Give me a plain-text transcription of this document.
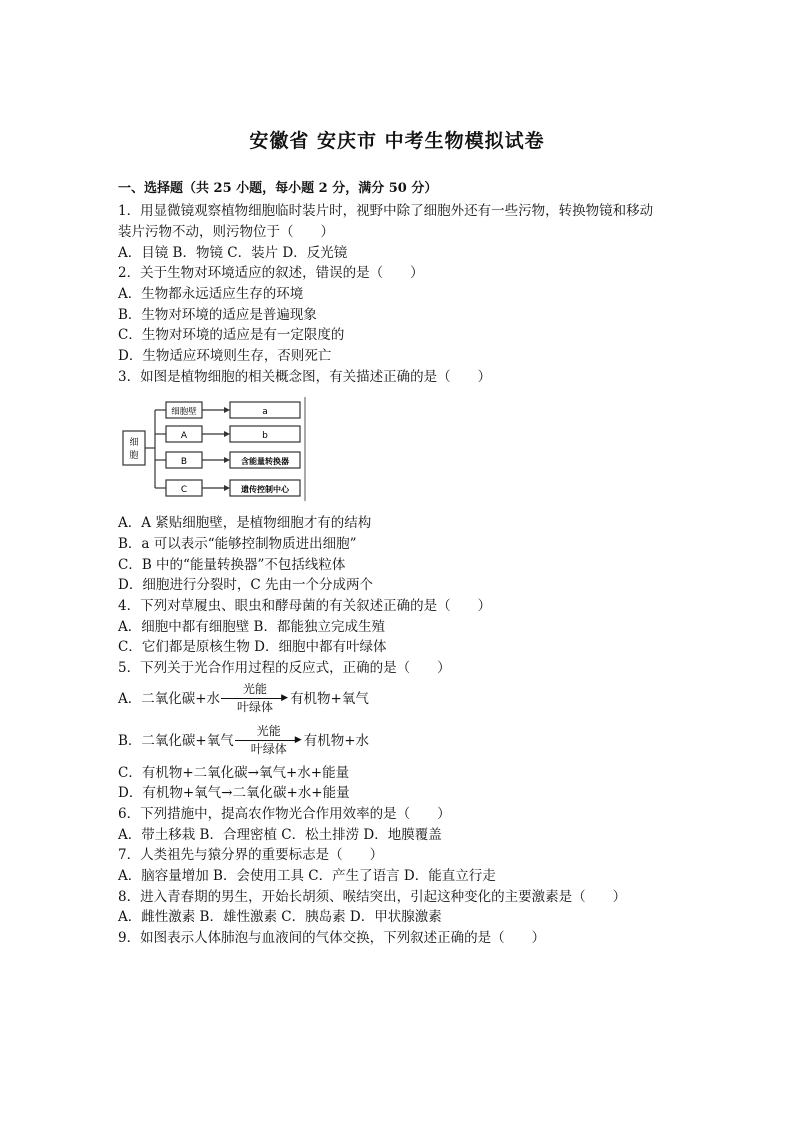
安徽省 安庆市 中考生物模拟试卷
一、选择题（共 25 小题，每小题 2 分，满分 50 分）
1．用显微镜观察植物细胞临时装片时，视野中除了细胞外还有一些污物，转换物镜和移动
装片污物不动，则污物位于（　　）
A．目镜 B．物镜 C．装片 D．反光镜
2．关于生物对环境适应的叙述，错误的是（　　）
A．生物都永远适应生存的环境
B．生物对环境的适应是普遍现象
C．生物对环境的适应是有一定限度的
D．生物适应环境则生存，否则死亡
3．如图是植物细胞的相关概念图，有关描述正确的是（　　）
细
胞
细胞壁
A
B
C
a
b
含能量转换器
遗传控制中心
A．A 紧贴细胞壁，是植物细胞才有的结构
B．a 可以表示“能够控制物质进出细胞”
C．B 中的“能量转换器”不包括线粒体
D．细胞进行分裂时，C 先由一个分成两个
4．下列对草履虫、眼虫和酵母菌的有关叙述正确的是（　　）
A．细胞中都有细胞壁 B．都能独立完成生殖
C．它们都是原核生物 D．细胞中都有叶绿体
5．下列关于光合作用过程的反应式，正确的是（　　）
A．二氧化碳+水
光能
▶
叶绿体	有机物+氧气
B．二氧化碳+氧气
光能
▶
叶绿体	有机物+水
C．有机物+二氧化碳→氧气+水+能量
D．有机物+氧气→二氧化碳+水+能量
6．下列措施中，提高农作物光合作用效率的是（　　）
A．带土移栽 B．合理密植 C．松土排涝 D．地膜覆盖
7．人类祖先与猿分界的重要标志是（　　）
A．脑容量增加 B．会使用工具 C．产生了语言 D．能直立行走
8．进入青春期的男生，开始长胡须、喉结突出，引起这种变化的主要激素是（　　）
A．雌性激素 B．雄性激素 C．胰岛素 D．甲状腺激素
9．如图表示人体肺泡与血液间的气体交换，下列叙述正确的是（　　）
